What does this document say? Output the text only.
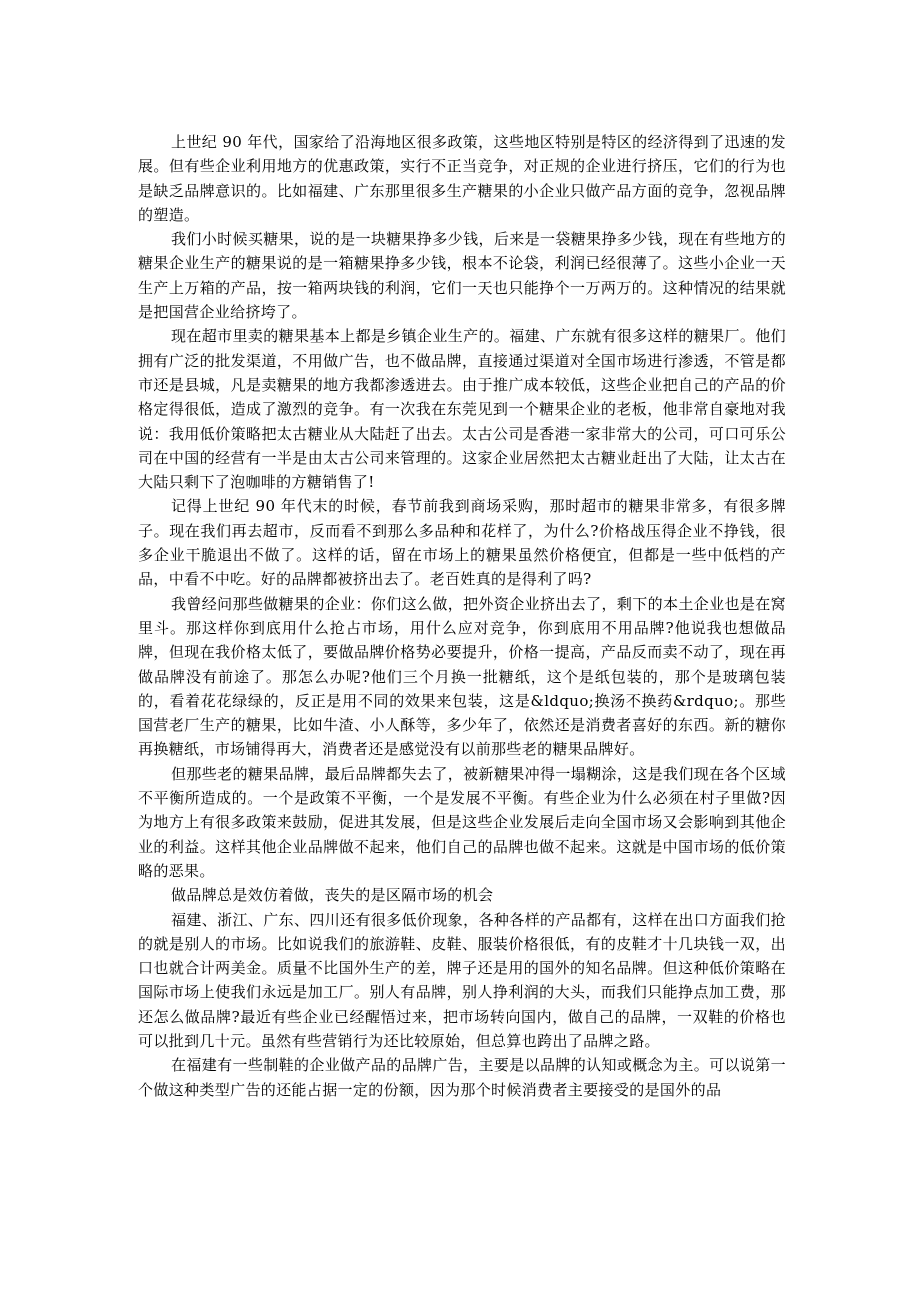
上世纪 90 年代，国家给了沿海地区很多政策，这些地区特别是特区的经济得到了迅速的发展。但有些企业利用地方的优惠政策，实行不正当竞争，对正规的企业进行挤压，它们的行为也是缺乏品牌意识的。比如福建、广东那里很多生产糖果的小企业只做产品方面的竞争，忽视品牌的塑造。

我们小时候买糖果，说的是一块糖果挣多少钱，后来是一袋糖果挣多少钱，现在有些地方的糖果企业生产的糖果说的是一箱糖果挣多少钱，根本不论袋，利润已经很薄了。这些小企业一天生产上万箱的产品，按一箱两块钱的利润，它们一天也只能挣个一万两万的。这种情况的结果就是把国营企业给挤垮了。

现在超市里卖的糖果基本上都是乡镇企业生产的。福建、广东就有很多这样的糖果厂。他们拥有广泛的批发渠道，不用做广告，也不做品牌，直接通过渠道对全国市场进行渗透，不管是都市还是县城，凡是卖糖果的地方我都渗透进去。由于推广成本较低，这些企业把自己的产品的价格定得很低，造成了激烈的竞争。有一次我在东莞见到一个糖果企业的老板，他非常自豪地对我说：我用低价策略把太古糖业从大陆赶了出去。太古公司是香港一家非常大的公司，可口可乐公司在中国的经营有一半是由太古公司来管理的。这家企业居然把太古糖业赶出了大陆，让太古在大陆只剩下了泡咖啡的方糖销售了!

记得上世纪 90 年代末的时候，春节前我到商场采购，那时超市的糖果非常多，有很多牌子。现在我们再去超市，反而看不到那么多品种和花样了，为什么?价格战压得企业不挣钱，很多企业干脆退出不做了。这样的话，留在市场上的糖果虽然价格便宜，但都是一些中低档的产品，中看不中吃。好的品牌都被挤出去了。老百姓真的是得利了吗?

我曾经问那些做糖果的企业：你们这么做，把外资企业挤出去了，剩下的本土企业也是在窝里斗。那这样你到底用什么抢占市场，用什么应对竞争，你到底用不用品牌?他说我也想做品牌，但现在我价格太低了，要做品牌价格势必要提升，价格一提高，产品反而卖不动了，现在再做品牌没有前途了。那怎么办呢?他们三个月换一批糖纸，这个是纸包装的，那个是玻璃包装的，看着花花绿绿的，反正是用不同的效果来包装，这是&ldquo;换汤不换药&rdquo;。那些国营老厂生产的糖果，比如牛渣、小人酥等，多少年了，依然还是消费者喜好的东西。新的糖你再换糖纸，市场铺得再大，消费者还是感觉没有以前那些老的糖果品牌好。

但那些老的糖果品牌，最后品牌都失去了，被新糖果冲得一塌糊涂，这是我们现在各个区域不平衡所造成的。一个是政策不平衡，一个是发展不平衡。有些企业为什么必须在村子里做?因为地方上有很多政策来鼓励，促进其发展，但是这些企业发展后走向全国市场又会影响到其他企业的利益。这样其他企业品牌做不起来，他们自己的品牌也做不起来。这就是中国市场的低价策略的恶果。

做品牌总是效仿着做，丧失的是区隔市场的机会

福建、浙江、广东、四川还有很多低价现象，各种各样的产品都有，这样在出口方面我们抢的就是别人的市场。比如说我们的旅游鞋、皮鞋、服装价格很低，有的皮鞋才十几块钱一双，出口也就合计两美金。质量不比国外生产的差，牌子还是用的国外的知名品牌。但这种低价策略在国际市场上使我们永远是加工厂。别人有品牌，别人挣利润的大头，而我们只能挣点加工费，那还怎么做品牌?最近有些企业已经醒悟过来，把市场转向国内，做自己的品牌，一双鞋的价格也可以批到几十元。虽然有些营销行为还比较原始，但总算也跨出了品牌之路。

在福建有一些制鞋的企业做产品的品牌广告，主要是以品牌的认知或概念为主。可以说第一个做这种类型广告的还能占据一定的份额，因为那个时候消费者主要接受的是国外的品
